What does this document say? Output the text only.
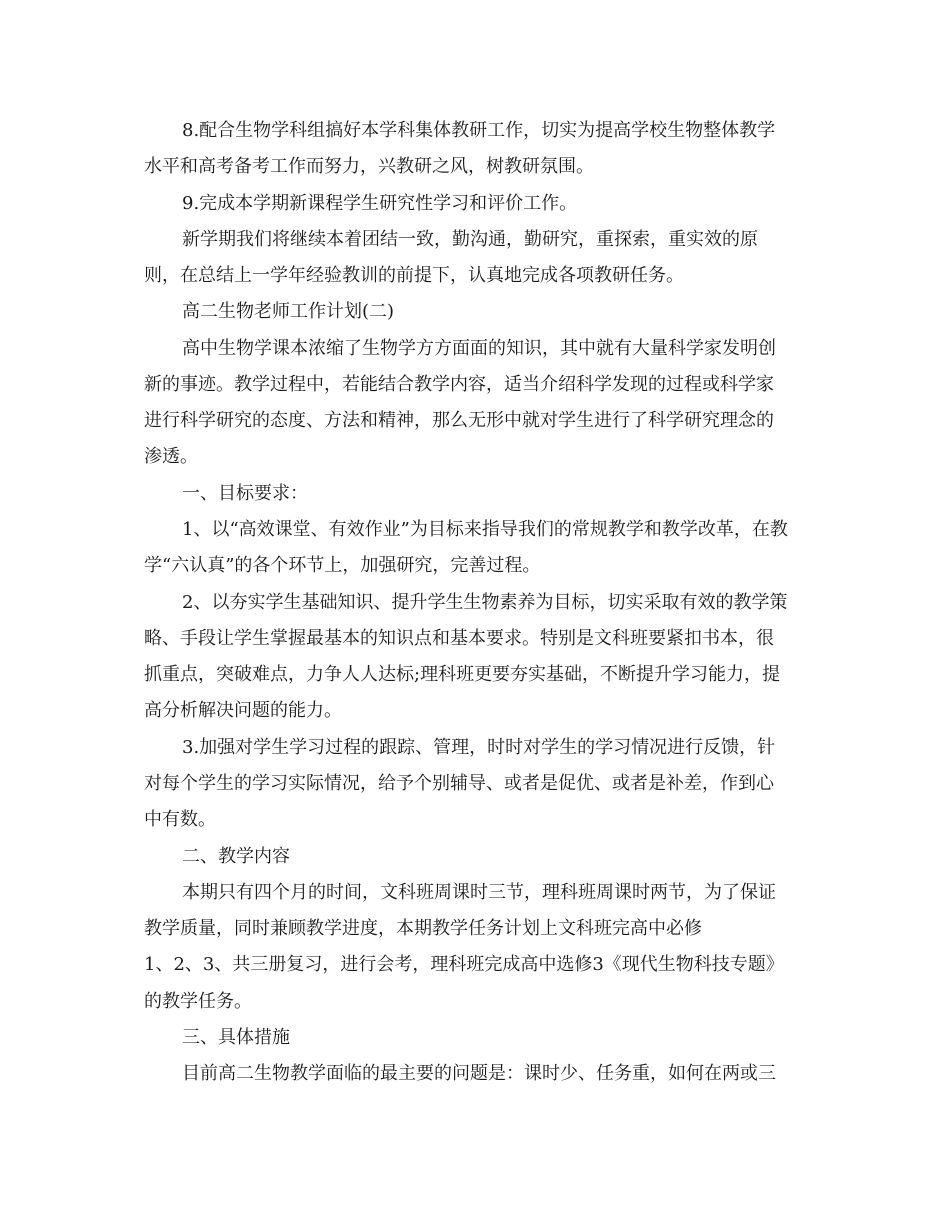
8.配合生物学科组搞好本学科集体教研工作，切实为提高学校生物整体教学
水平和高考备考工作而努力，兴教研之风，树教研氛围。
9.完成本学期新课程学生研究性学习和评价工作。
新学期我们将继续本着团结一致，勤沟通，勤研究，重探索，重实效的原
则，在总结上一学年经验教训的前提下，认真地完成各项教研任务。
高二生物老师工作计划(二)
高中生物学课本浓缩了生物学方方面面的知识，其中就有大量科学家发明创
新的事迹。教学过程中，若能结合教学内容，适当介绍科学发现的过程或科学家
进行科学研究的态度、方法和精神，那么无形中就对学生进行了科学研究理念的
渗透。
一、目标要求：
1、以“高效课堂、有效作业”为目标来指导我们的常规教学和教学改革，在教
学“六认真”的各个环节上，加强研究，完善过程。
2、以夯实学生基础知识、提升学生生物素养为目标，切实采取有效的教学策
略、手段让学生掌握最基本的知识点和基本要求。特别是文科班要紧扣书本，很
抓重点，突破难点，力争人人达标;理科班更要夯实基础，不断提升学习能力，提
高分析解决问题的能力。
3.加强对学生学习过程的跟踪、管理，时时对学生的学习情况进行反馈，针
对每个学生的学习实际情况，给予个别辅导、或者是促优、或者是补差，作到心
中有数。
二、教学内容
本期只有四个月的时间，文科班周课时三节，理科班周课时两节，为了保证
教学质量，同时兼顾教学进度，本期教学任务计划上文科班完高中必修
1、2、3、共三册复习，进行会考，理科班完成高中选修3《现代生物科技专题》
的教学任务。
三、具体措施
目前高二生物教学面临的最主要的问题是：课时少、任务重，如何在两或三
